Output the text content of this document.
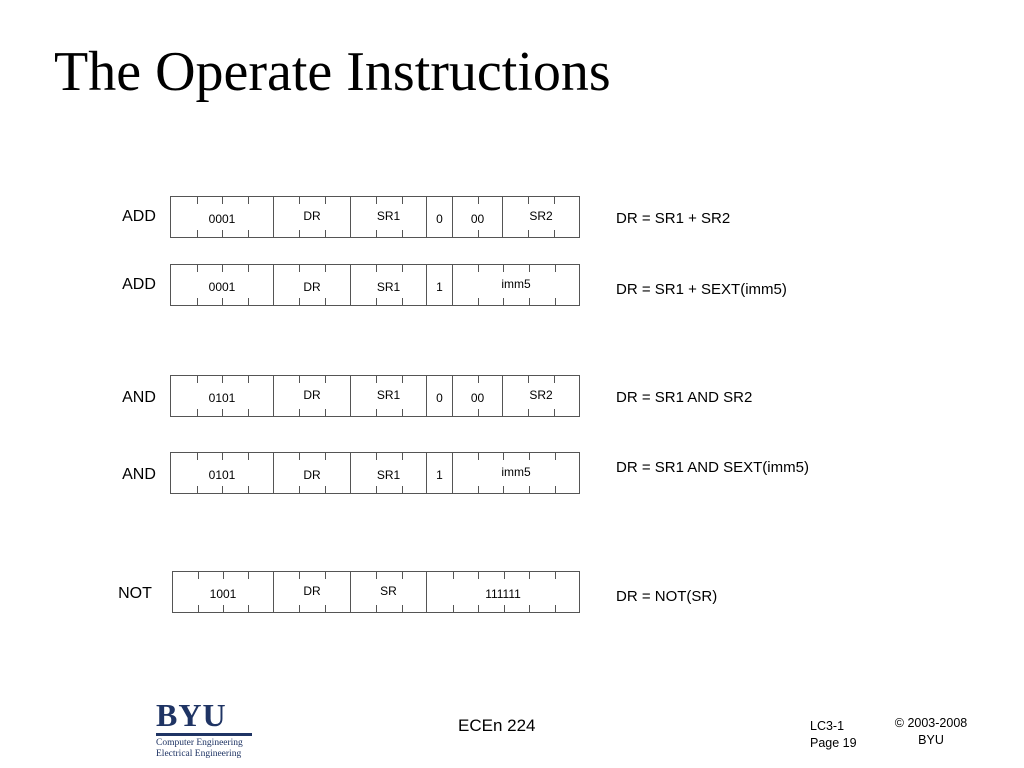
The Operate Instructions
ADD	0001	DR	SR1	0	00	SR2	DR = SR1 + SR2
ADD	0001	DR	SR1	1	imm5	DR = SR1 + SEXT(imm5)
AND	0101	DR	SR1	0	00	SR2	DR = SR1 AND SR2
AND	0101	DR	SR1	1	imm5	DR = SR1 AND SEXT(imm5)
NOT	1001	DR	SR	111111	DR = NOT(SR)
BYU
Computer Engineering
Electrical Engineering
ECEn 224	LC3-1
Page 19
© 2003-2008
BYU
